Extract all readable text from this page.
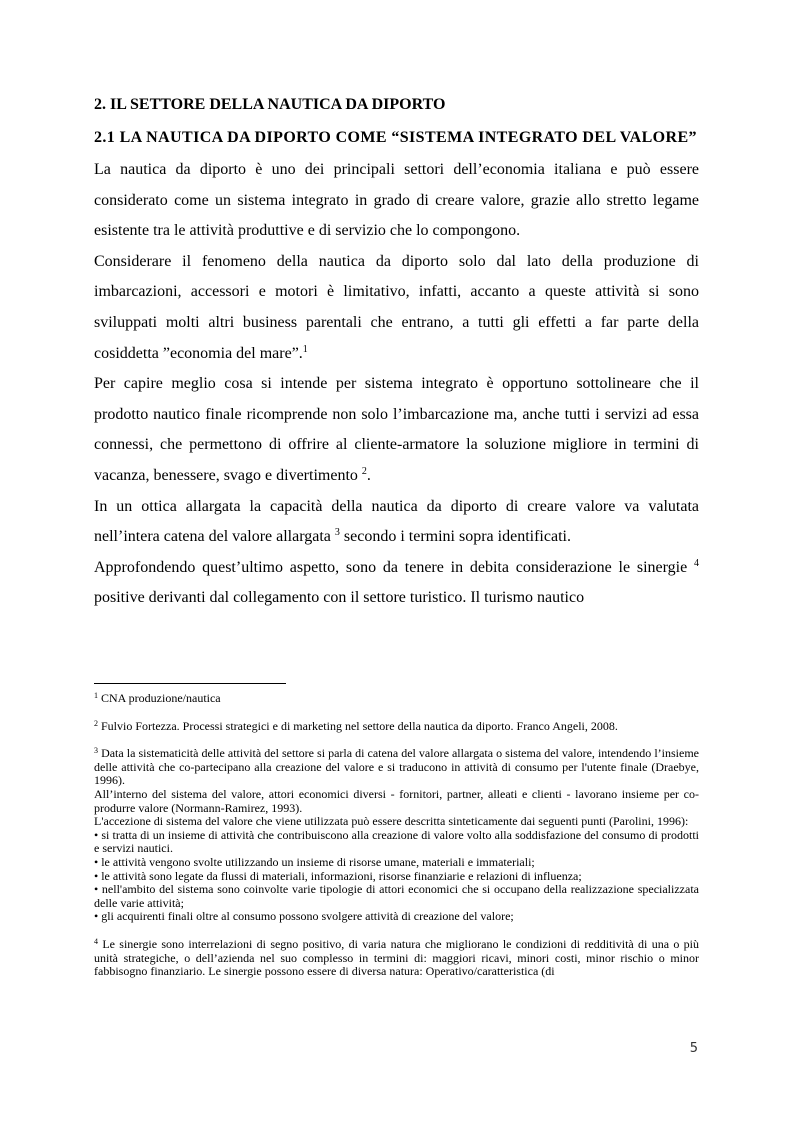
2. IL SETTORE DELLA NAUTICA DA DIPORTO
2.1 LA NAUTICA DA DIPORTO COME “SISTEMA INTEGRATO DEL VALORE”

La nautica da diporto è uno dei principali settori dell’economia italiana e può essere considerato come un sistema integrato in grado di creare valore, grazie allo stretto legame esistente tra le attività produttive e di servizio che lo compongono.

Considerare il fenomeno della nautica da diporto solo dal lato della produzione di imbarcazioni, accessori e motori è limitativo, infatti, accanto a queste attività si sono sviluppati molti altri business parentali che entrano, a tutti gli effetti a far parte della cosiddetta ”economia del mare”.$^1$

Per capire meglio cosa si intende per sistema integrato è opportuno sottolineare che il prodotto nautico finale ricomprende non solo l’imbarcazione ma, anche tutti i servizi ad essa connessi, che permettono di offrire al cliente-armatore la soluzione migliore in termini di vacanza, benessere, svago e divertimento $^2$.

In un ottica allargata la capacità della nautica da diporto di creare valore va valutata nell’intera catena del valore allargata $^3$ secondo i termini sopra identificati.

Approfondendo quest’ultimo aspetto, sono da tenere in debita considerazione le sinergie $^4$ positive derivanti dal collegamento con il settore turistico. Il turismo nautico

$^1$ CNA produzione/nautica

$^2$ Fulvio Fortezza. Processi strategici e di marketing nel settore della nautica da diporto. Franco Angeli, 2008.

$^3$ Data la sistematicità delle attività del settore si parla di catena del valore allargata o sistema del valore, intendendo l’insieme delle attività che co-partecipano alla creazione del valore e si traducono in attività di consumo per l'utente finale (Draebye, 1996).

All’interno del sistema del valore, attori economici diversi - fornitori, partner, alleati e clienti - lavorano insieme per co-produrre valore (Normann-Ramirez, 1993).

L'accezione di sistema del valore che viene utilizzata può essere descritta sinteticamente dai seguenti punti (Parolini, 1996):

• si tratta di un insieme di attività che contribuiscono alla creazione di valore volto alla soddisfazione del consumo di prodotti e servizi nautici.

• le attività vengono svolte utilizzando un insieme di risorse umane, materiali e immateriali;

• le attività sono legate da flussi di materiali, informazioni, risorse finanziarie e relazioni di influenza;

• nell'ambito del sistema sono coinvolte varie tipologie di attori economici che si occupano della realizzazione specializzata delle varie attività;

• gli acquirenti finali oltre al consumo possono svolgere attività di creazione del valore;

$^4$ Le sinergie sono interrelazioni di segno positivo, di varia natura che migliorano le condizioni di redditività di una o più unità strategiche, o dell’azienda nel suo complesso in termini di: maggiori ricavi, minori costi, minor rischio o minor fabbisogno finanziario. Le sinergie possono essere di diversa natura: Operativo/caratteristica (di

5
